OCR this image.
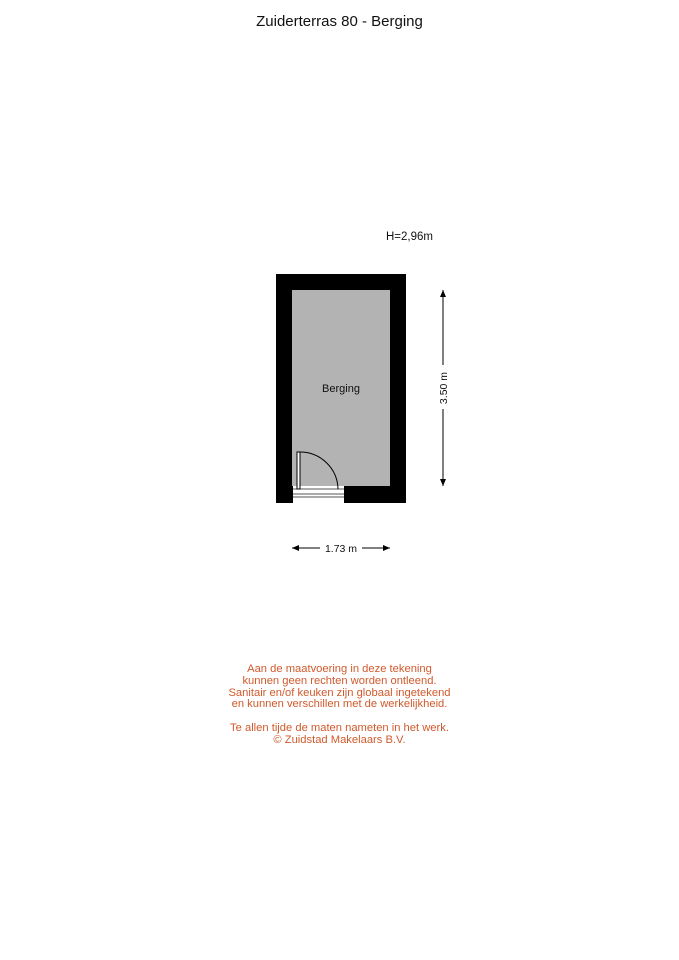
Zuiderterras 80 - Berging
H=2,96m
Berging	3.50 m
1.73 m
Aan de maatvoering in deze tekening
kunnen geen rechten worden ontleend.
Sanitair en/of keuken zijn globaal ingetekend
en kunnen verschillen met de werkelijkheid.
Te allen tijde de maten nameten in het werk.
© Zuidstad Makelaars B.V.
